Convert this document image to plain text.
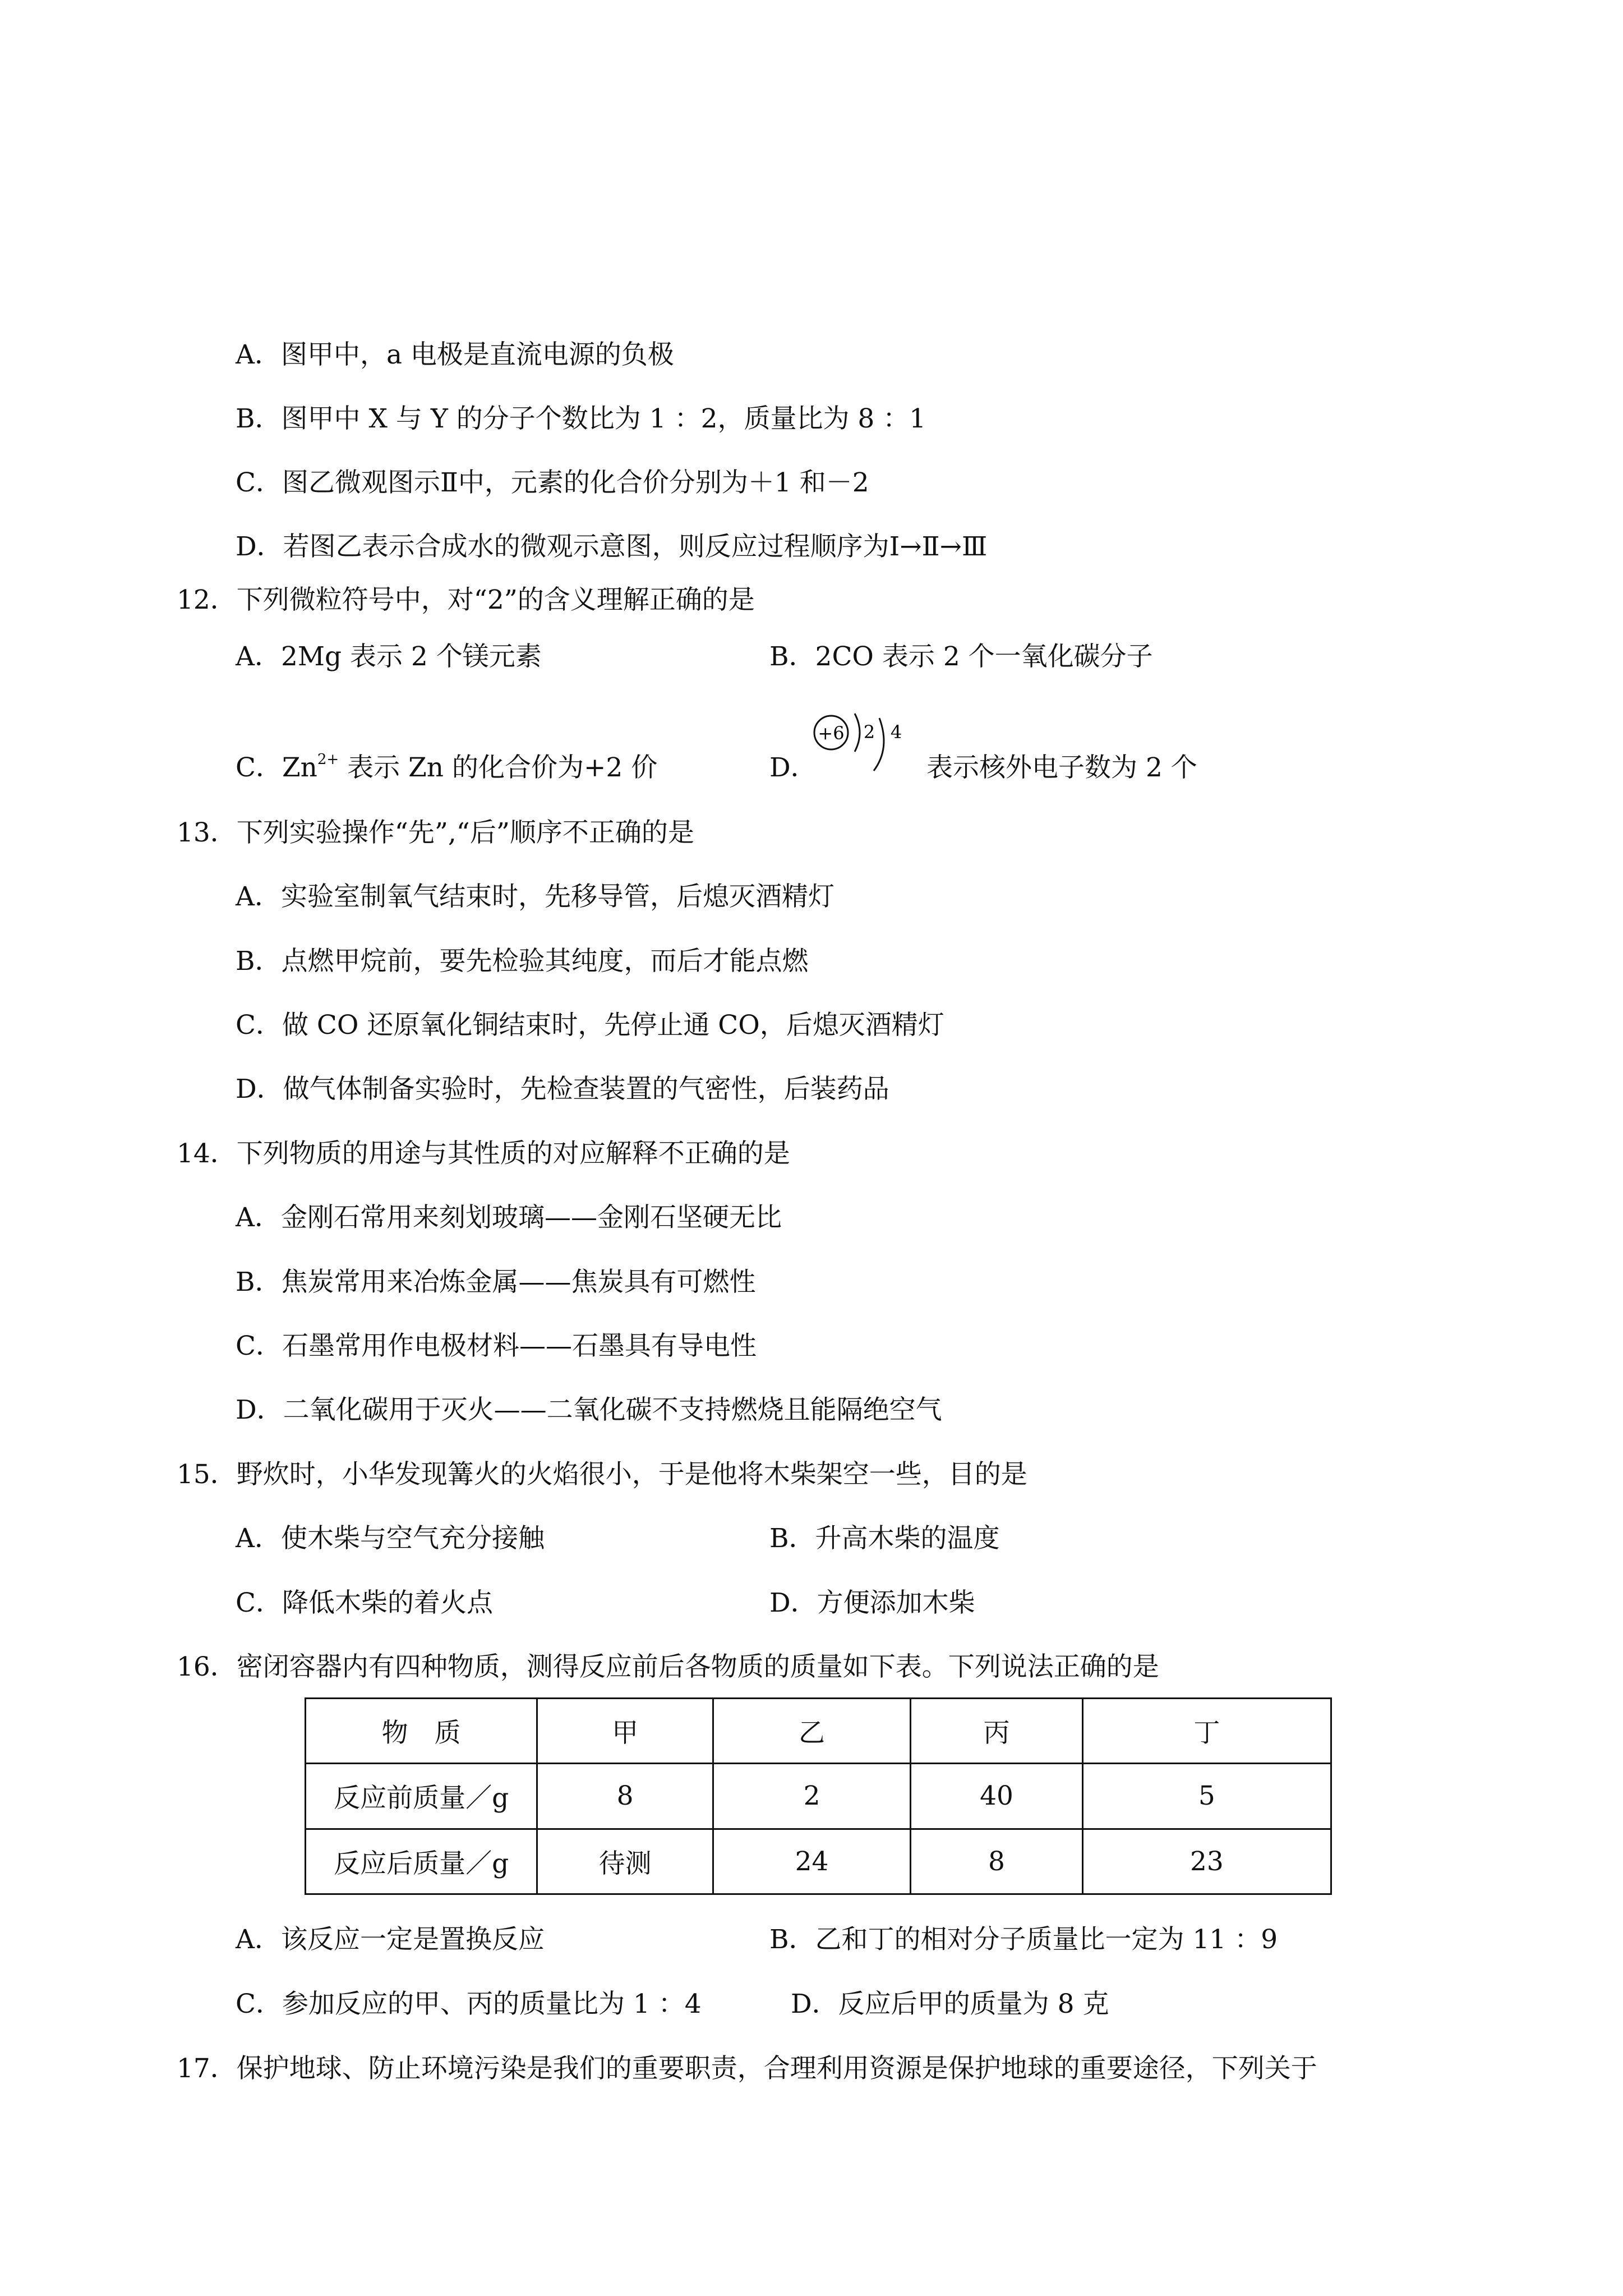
A．图甲中，a 电极是直流电源的负极
B．图甲中 X 与 Y 的分子个数比为 1 ：2，质量比为 8 ：1
C．图乙微观图示Ⅱ中，元素的化合价分别为＋1 和－2
D．若图乙表示合成水的微观示意图，则反应过程顺序为Ⅰ→Ⅱ→Ⅲ
12．下列微粒符号中，对“2”的含义理解正确的是
A．2Mg 表示 2 个镁元素	B．2CO 表示 2 个一氧化碳分子
C．$Zn^{2+}$ 表示 Zn 的化合价为+2 价	D．
+6 2 4
表示核外电子数为 2 个
13．下列实验操作“先”,“后”顺序不正确的是
A．实验室制氧气结束时，先移导管，后熄灭酒精灯
B．点燃甲烷前，要先检验其纯度，而后才能点燃
C．做 CO 还原氧化铜结束时，先停止通 CO，后熄灭酒精灯
D．做气体制备实验时，先检查装置的气密性，后装药品
14．下列物质的用途与其性质的对应解释不正确的是
A．金刚石常用来刻划玻璃——金刚石坚硬无比
B．焦炭常用来冶炼金属——焦炭具有可燃性
C．石墨常用作电极材料——石墨具有导电性
D．二氧化碳用于灭火——二氧化碳不支持燃烧且能隔绝空气
15．野炊时，小华发现篝火的火焰很小，于是他将木柴架空一些，目的是
A．使木柴与空气充分接触	B．升高木柴的温度
C．降低木柴的着火点	D．方便添加木柴
16．密闭容器内有四种物质，测得反应前后各物质的质量如下表。下列说法正确的是
物　质	甲	乙	丙	丁
反应前质量／g	8	2	40	5
反应后质量／g	待测	24	8	23
A．该反应一定是置换反应	B．乙和丁的相对分子质量比一定为 11 ：9
C．参加反应的甲、丙的质量比为 1 ：4	D．反应后甲的质量为 8 克
17．保护地球、防止环境污染是我们的重要职责，合理利用资源是保护地球的重要途径，下列关于
